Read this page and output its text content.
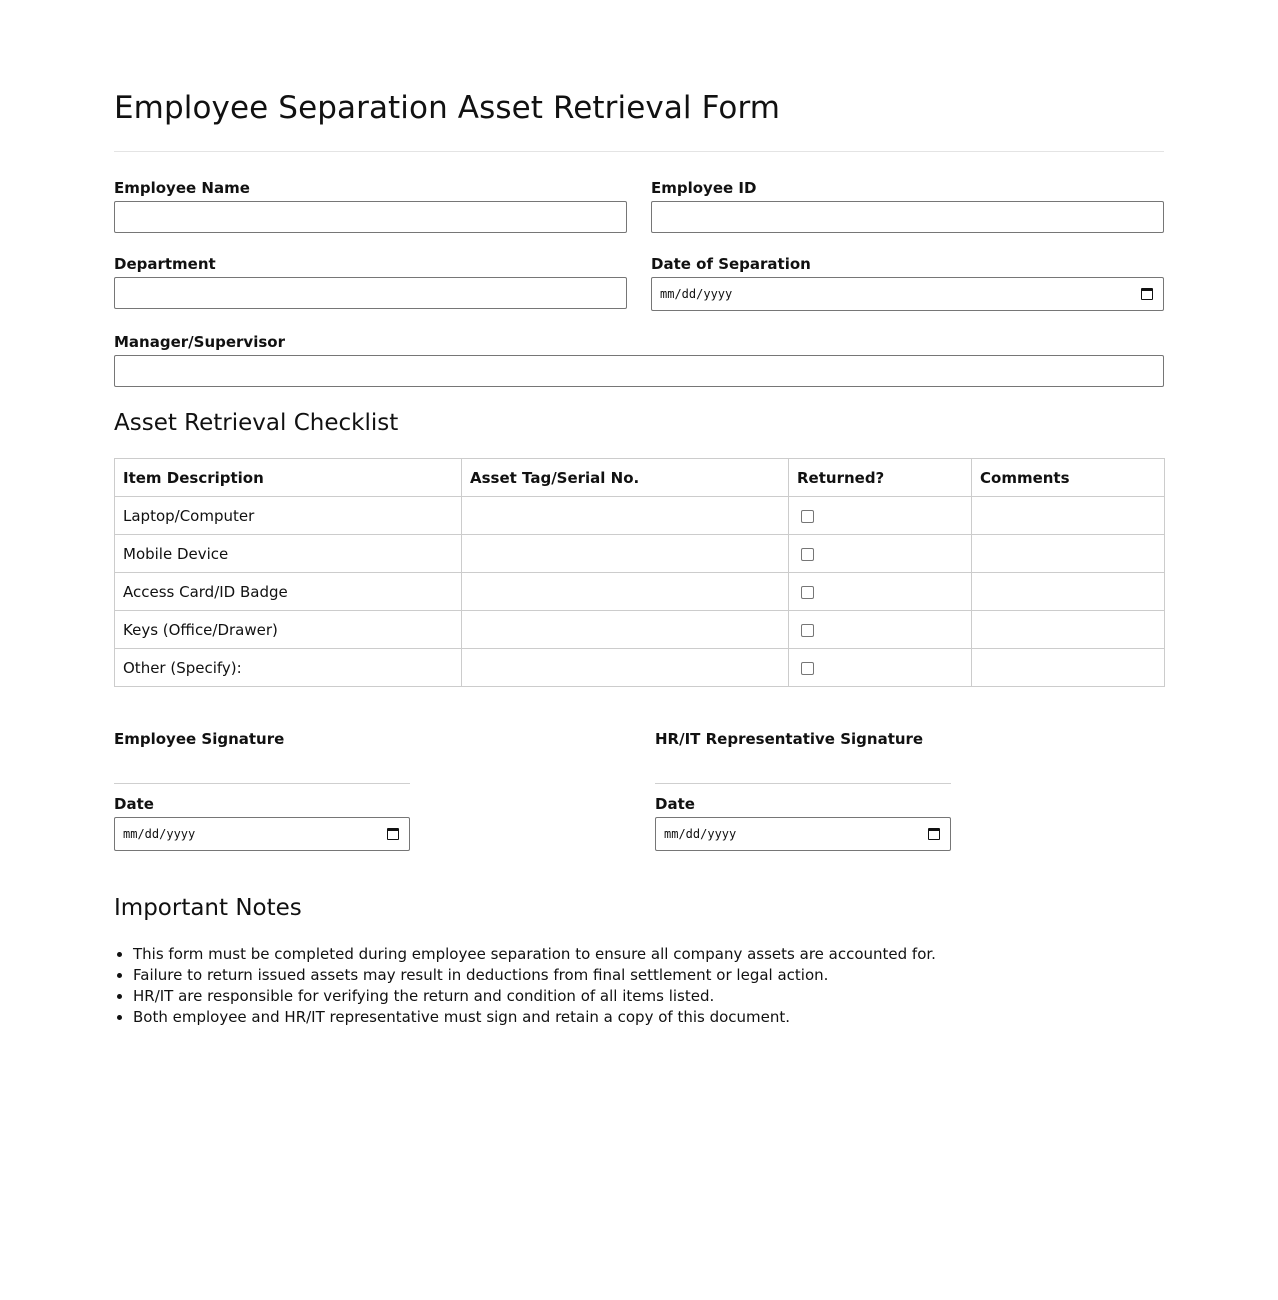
Employee Separation Asset Retrieval Form
Employee Name	Employee ID
Department	Date of Separation
mm/dd/yyyy
Manager/Supervisor
Asset Retrieval Checklist
Item Description	Asset Tag/Serial No.	Returned?	Comments
Laptop/Computer			
Mobile Device			
Access Card/ID Badge			
Keys (Office/Drawer)			
Other (Specify):			
Employee Signature
Date
mm/dd/yyyy
HR/IT Representative Signature
Date
mm/dd/yyyy
Important Notes
• This form must be completed during employee separation to ensure all company assets are accounted for.
• Failure to return issued assets may result in deductions from final settlement or legal action.
• HR/IT are responsible for verifying the return and condition of all items listed.
• Both employee and HR/IT representative must sign and retain a copy of this document.
